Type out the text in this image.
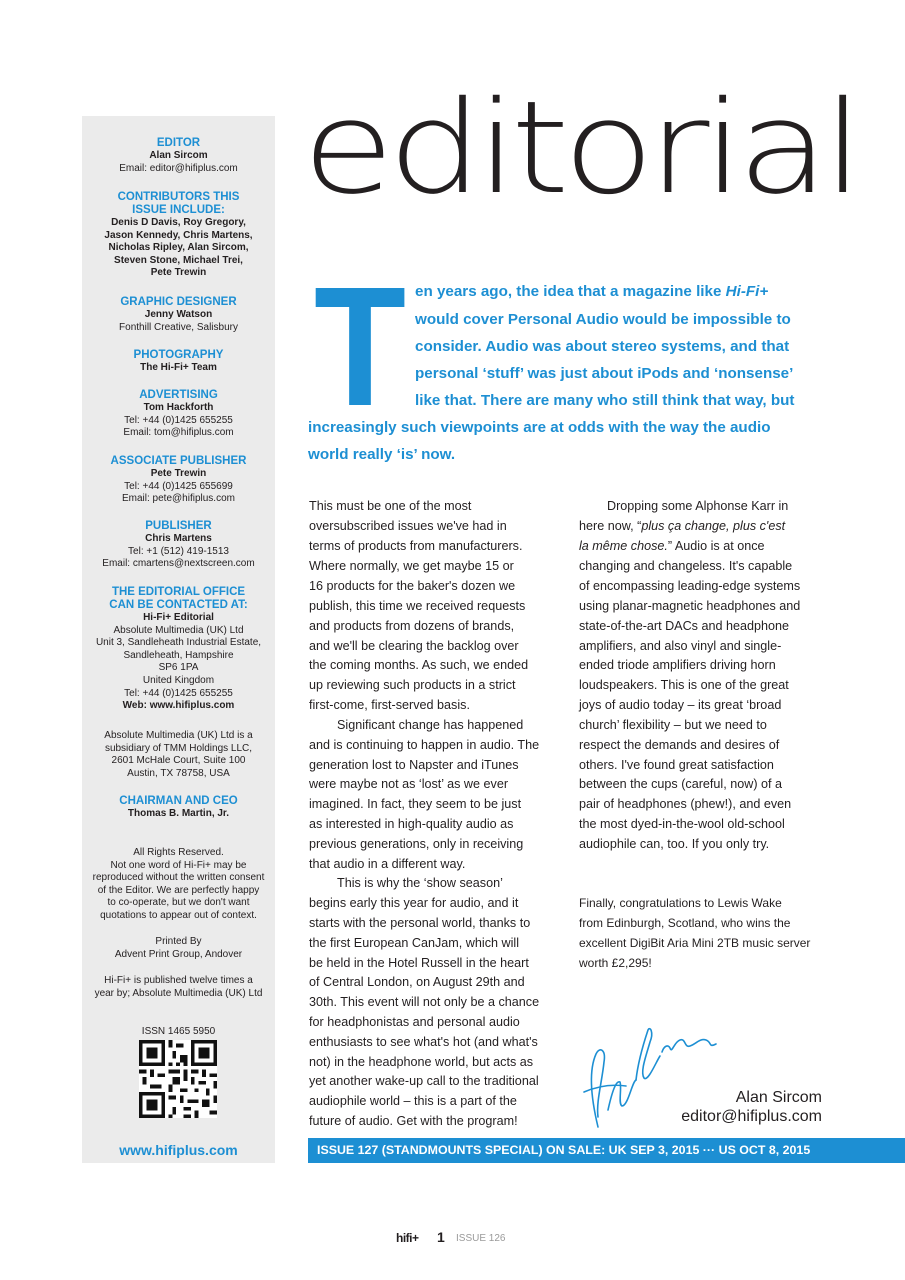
EDITOR
Alan Sircom
Email: editor@hifiplus.com
CONTRIBUTORS THIS
ISSUE INCLUDE:
Denis D Davis, Roy Gregory,
Jason Kennedy, Chris Martens,
Nicholas Ripley, Alan Sircom,
Steven Stone, Michael Trei,
Pete Trewin
GRAPHIC DESIGNER
Jenny Watson
Fonthill Creative, Salisbury
PHOTOGRAPHY
The Hi-Fi+ Team
ADVERTISING
Tom Hackforth
Tel: +44 (0)1425 655255
Email: tom@hifiplus.com
ASSOCIATE PUBLISHER
Pete Trewin
Tel: +44 (0)1425 655699
Email: pete@hifiplus.com
PUBLISHER
Chris Martens
Tel: +1 (512) 419-1513
Email: cmartens@nextscreen.com
THE EDITORIAL OFFICE
CAN BE CONTACTED AT:
Hi-Fi+ Editorial
Absolute Multimedia (UK) Ltd
Unit 3, Sandleheath Industrial Estate,
Sandleheath, Hampshire
SP6 1PA
United Kingdom
Tel: +44 (0)1425 655255
Web: www.hifiplus.com
Absolute Multimedia (UK) Ltd is a
subsidiary of TMM Holdings LLC,
2601 McHale Court, Suite 100
Austin, TX 78758, USA
CHAIRMAN AND CEO
Thomas B. Martin, Jr.
All Rights Reserved.
Not one word of Hi-Fi+ may be
reproduced without the written consent
of the Editor. We are perfectly happy
to co-operate, but we don't want
quotations to appear out of context.
Printed By
Advent Print Group, Andover
Hi-Fi+ is published twelve times a
year by; Absolute Multimedia (UK) Ltd
ISSN 1465 5950
www.hifiplus.com
editorial
T en years ago, the idea that a magazine like Hi-Fi+
would cover Personal Audio would be impossible to
consider. Audio was about stereo systems, and that
personal ‘stuff’ was just about iPods and ‘nonsense’
like that. There are many who still think that way, but
increasingly such viewpoints are at odds with the way the audio
world really ‘is’ now.
This must be one of the most
oversubscribed issues we've had in
terms of products from manufacturers.
Where normally, we get maybe 15 or
16 products for the baker's dozen we
publish, this time we received requests
and products from dozens of brands,
and we'll be clearing the backlog over
the coming months. As such, we ended
up reviewing such products in a strict
first-come, first-served basis.
Significant change has happened
and is continuing to happen in audio. The
generation lost to Napster and iTunes
were maybe not as ‘lost’ as we ever
imagined. In fact, they seem to be just
as interested in high-quality audio as
previous generations, only in receiving
that audio in a different way.
This is why the ‘show season’
begins early this year for audio, and it
starts with the personal world, thanks to
the first European CanJam, which will
be held in the Hotel Russell in the heart
of Central London, on August 29th and
30th. This event will not only be a chance
for headphonistas and personal audio
enthusiasts to see what's hot (and what's
not) in the headphone world, but acts as
yet another wake-up call to the traditional
audiophile world – this is a part of the
future of audio. Get with the program!
Dropping some Alphonse Karr in
here now, “plus ça change, plus c'est
la même chose.” Audio is at once
changing and changeless. It's capable
of encompassing leading-edge systems
using planar-magnetic headphones and
state-of-the-art DACs and headphone
amplifiers, and also vinyl and single-
ended triode amplifiers driving horn
loudspeakers. This is one of the great
joys of audio today – its great ‘broad
church’ flexibility – but we need to
respect the demands and desires of
others. I've found great satisfaction
between the cups (careful, now) of a
pair of headphones (phew!), and even
the most dyed-in-the-wool old-school
audiophile can, too. If you only try.
Finally, congratulations to Lewis Wake
from Edinburgh, Scotland, who wins the
excellent DigiBit Aria Mini 2TB music server
worth £2,295!
Alan Sircom
editor@hifiplus.com
ISSUE 127 (STANDMOUNTS SPECIAL) ON SALE: UK SEP 3, 2015 ··· US OCT 8, 2015
hifi+ 1 ISSUE 126
